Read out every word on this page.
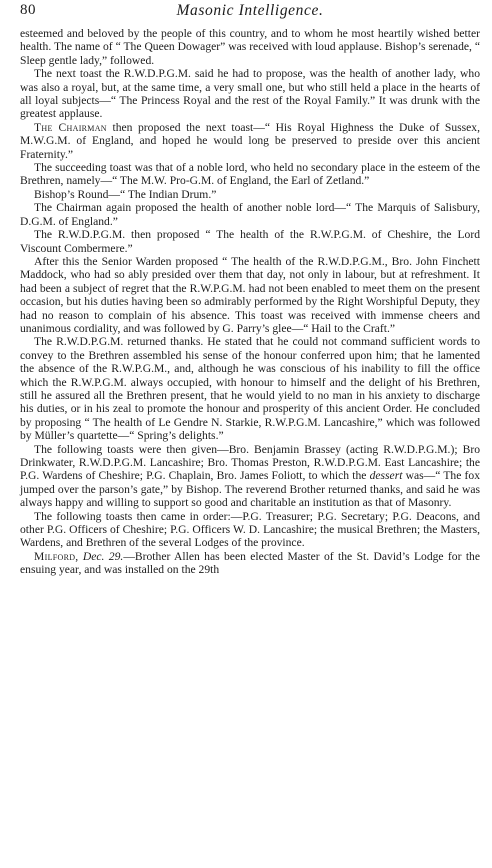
80	Masonic Intelligence.

esteemed and beloved by the people of this country, and to whom he most heartily wished better health. The name of “ The Queen Dowager” was received with loud applause. Bishop’s serenade, “ Sleep gentle lady,” followed.

The next toast the R.W.D.P.G.M. said he had to propose, was the health of another lady, who was also a royal, but, at the same time, a very small one, but who still held a place in the hearts of all loyal subjects—“ The Princess Royal and the rest of the Royal Family.” It was drunk with the greatest applause.

The Chairman then proposed the next toast—“ His Royal Highness the Duke of Sussex, M.W.G.M. of England, and hoped he would long be preserved to preside over this ancient Fraternity.”

The succeeding toast was that of a noble lord, who held no secondary place in the esteem of the Brethren, namely—“ The M.W. Pro-G.M. of England, the Earl of Zetland.”

Bishop’s Round—“ The Indian Drum.”

The Chairman again proposed the health of another noble lord—“ The Marquis of Salisbury, D.G.M. of England.”

The R.W.D.P.G.M. then proposed “ The health of the R.W.P.G.M. of Cheshire, the Lord Viscount Combermere.”

After this the Senior Warden proposed “ The health of the R.W.D.P.G.M., Bro. John Finchett Maddock, who had so ably presided over them that day, not only in labour, but at refreshment. It had been a subject of regret that the R.W.P.G.M. had not been enabled to meet them on the present occasion, but his duties having been so admirably performed by the Right Worshipful Deputy, they had no reason to complain of his absence. This toast was received with immense cheers and unanimous cordiality, and was followed by G. Parry’s glee—“ Hail to the Craft.”

The R.W.D.P.G.M. returned thanks. He stated that he could not command sufficient words to convey to the Brethren assembled his sense of the honour conferred upon him; that he lamented the absence of the R.W.P.G.M., and, although he was conscious of his inability to fill the office which the R.W.P.G.M. always occupied, with honour to himself and the delight of his Brethren, still he assured all the Brethren present, that he would yield to no man in his anxiety to discharge his duties, or in his zeal to promote the honour and prosperity of this ancient Order. He concluded by proposing “ The health of Le Gendre N. Starkie, R.W.P.G.M. Lancashire,” which was followed by Müller’s quartette—“ Spring’s delights.”

The following toasts were then given—Bro. Benjamin Brassey (acting R.W.D.P.G.M.); Bro Drinkwater, R.W.D.P.G.M. Lancashire; Bro. Thomas Preston, R.W.D.P.G.M. East Lancashire; the P.G. Wardens of Cheshire; P.G. Chaplain, Bro. James Foliott, to which the dessert was—“ The fox jumped over the parson’s gate,” by Bishop. The reverend Brother returned thanks, and said he was always happy and willing to support so good and charitable an institution as that of Masonry.

The following toasts then came in order:—P.G. Treasurer; P.G. Secretary; P.G. Deacons, and other P.G. Officers of Cheshire; P.G. Officers W. D. Lancashire; the musical Brethren; the Masters, Wardens, and Brethren of the several Lodges of the province.

Milford, Dec. 29.—Brother Allen has been elected Master of the St. David’s Lodge for the ensuing year, and was installed on the 29th
